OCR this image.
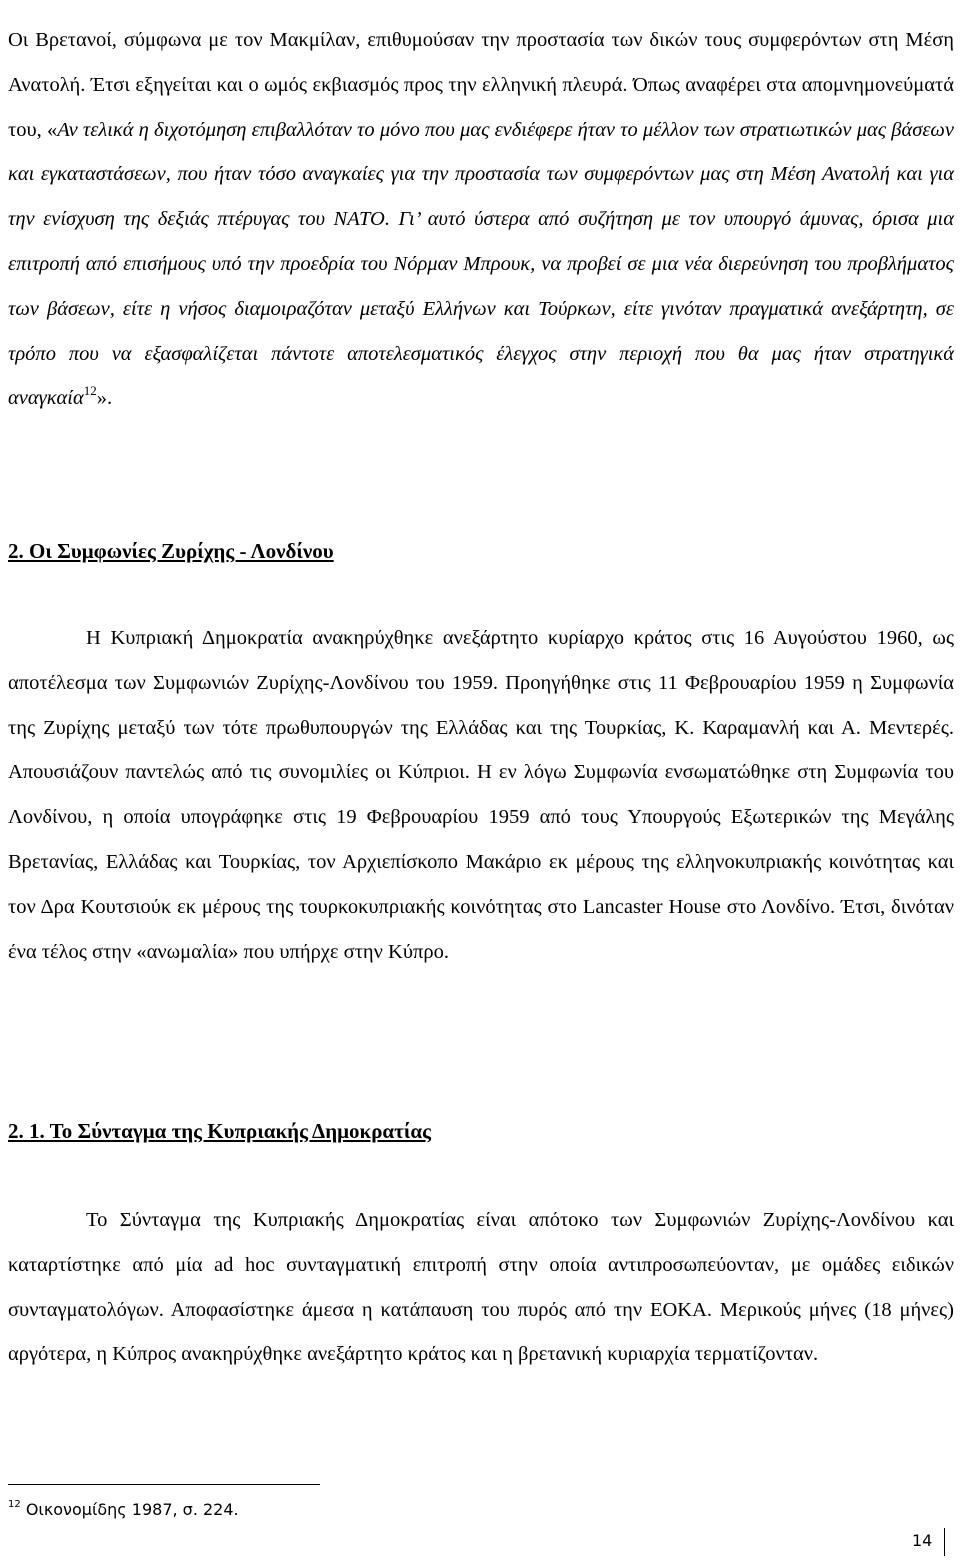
Οι Βρετανοί, σύμφωνα με τον Μακμίλαν, επιθυμούσαν την προστασία των δικών τους συμφερόντων στη Μέση Ανατολή. Έτσι εξηγείται και ο ωμός εκβιασμός προς την ελληνική πλευρά. Όπως αναφέρει στα απομνημονεύματά του, «Αν τελικά η διχοτόμηση επιβαλλόταν το μόνο που μας ενδιέφερε ήταν το μέλλον των στρατιωτικών μας βάσεων και εγκαταστάσεων, που ήταν τόσο αναγκαίες για την προστασία των συμφερόντων μας στη Μέση Ανατολή και για την ενίσχυση της δεξιάς πτέρυγας του ΝΑΤΟ. Γι’ αυτό ύστερα από συζήτηση με τον υπουργό άμυνας, όρισα μια επιτροπή από επισήμους υπό την προεδρία του Νόρμαν Μπρουκ, να προβεί σε μια νέα διερεύνηση του προβλήματος των βάσεων, είτε η νήσος διαμοιραζόταν μεταξύ Ελλήνων και Τούρκων, είτε γινόταν πραγματικά ανεξάρτητη, σε τρόπο που να εξασφαλίζεται πάντοτε αποτελεσματικός έλεγχος στην περιοχή που θα μας ήταν στρατηγικά αναγκαία$^{12}$».

2. Οι Συμφωνίες Ζυρίχης - Λονδίνου

Η Κυπριακή Δημοκρατία ανακηρύχθηκε ανεξάρτητο κυρίαρχο κράτος στις 16 Αυγούστου 1960, ως αποτέλεσμα των Συμφωνιών Ζυρίχης-Λονδίνου του 1959. Προηγήθηκε στις 11 Φεβρουαρίου 1959 η Συμφωνία της Ζυρίχης μεταξύ των τότε πρωθυπουργών της Ελλάδας και της Τουρκίας, Κ. Καραμανλή και Α. Μεντερές. Απουσιάζουν παντελώς από τις συνομιλίες οι Κύπριοι. Η εν λόγω Συμφωνία ενσωματώθηκε στη Συμφωνία του Λονδίνου, η οποία υπογράφηκε στις 19 Φεβρουαρίου 1959 από τους Υπουργούς Εξωτερικών της Μεγάλης Βρετανίας, Ελλάδας και Τουρκίας, τον Αρχιεπίσκοπο Μακάριο εκ μέρους της ελληνοκυπριακής κοινότητας και τον Δρα Κουτσιούκ εκ μέρους της τουρκοκυπριακής κοινότητας στο Lancaster House στο Λονδίνο. Έτσι, δινόταν ένα τέλος στην «ανωμαλία» που υπήρχε στην Κύπρο.

2. 1. Το Σύνταγμα της Κυπριακής Δημοκρατίας

Το Σύνταγμα της Κυπριακής Δημοκρατίας είναι απότοκο των Συμφωνιών Ζυρίχης-Λονδίνου και καταρτίστηκε από μία ad hoc συνταγματική επιτροπή στην οποία αντιπροσωπεύονταν, με ομάδες ειδικών συνταγματολόγων. Αποφασίστηκε άμεσα η κατάπαυση του πυρός από την ΕΟΚΑ. Μερικούς μήνες (18 μήνες) αργότερα, η Κύπρος ανακηρύχθηκε ανεξάρτητο κράτος και η βρετανική κυριαρχία τερματίζονταν.

$^{12}$ Οικονομίδης 1987, σ. 224.
14
